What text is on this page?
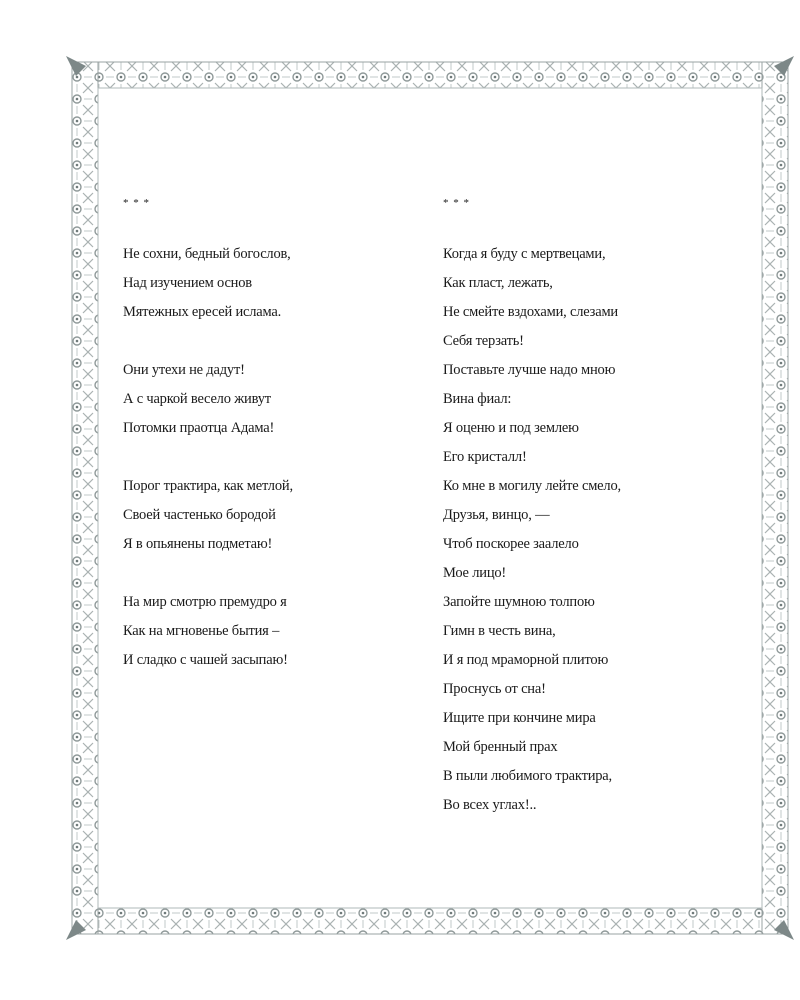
* * *
Не сохни, бедный богослов,
Над изучением основ
Мятежных ересей ислама.
Они утехи не дадут!
А с чаркой весело живут
Потомки праотца Адама!
Порог трактира, как метлой,
Своей частенько бородой
Я в опьянены подметаю!
На мир смотрю премудро я
Как на мгновенье бытия –
И сладко с чашей засыпаю!
* * *
Когда я буду с мертвецами,
Как пласт, лежать,
Не смейте вздохами, слезами
Себя терзать!
Поставьте лучше надо мною
Вина фиал:
Я оценю и под землею
Его кристалл!
Ко мне в могилу лейте смело,
Друзья, винцо, —
Чтоб поскорее заалело
Мое лицо!
Запойте шумною толпою
Гимн в честь вина,
И я под мраморной плитою
Проснусь от сна!
Ищите при кончине мира
Мой бренный прах
В пыли любимого трактира,
Во всех углах!..
